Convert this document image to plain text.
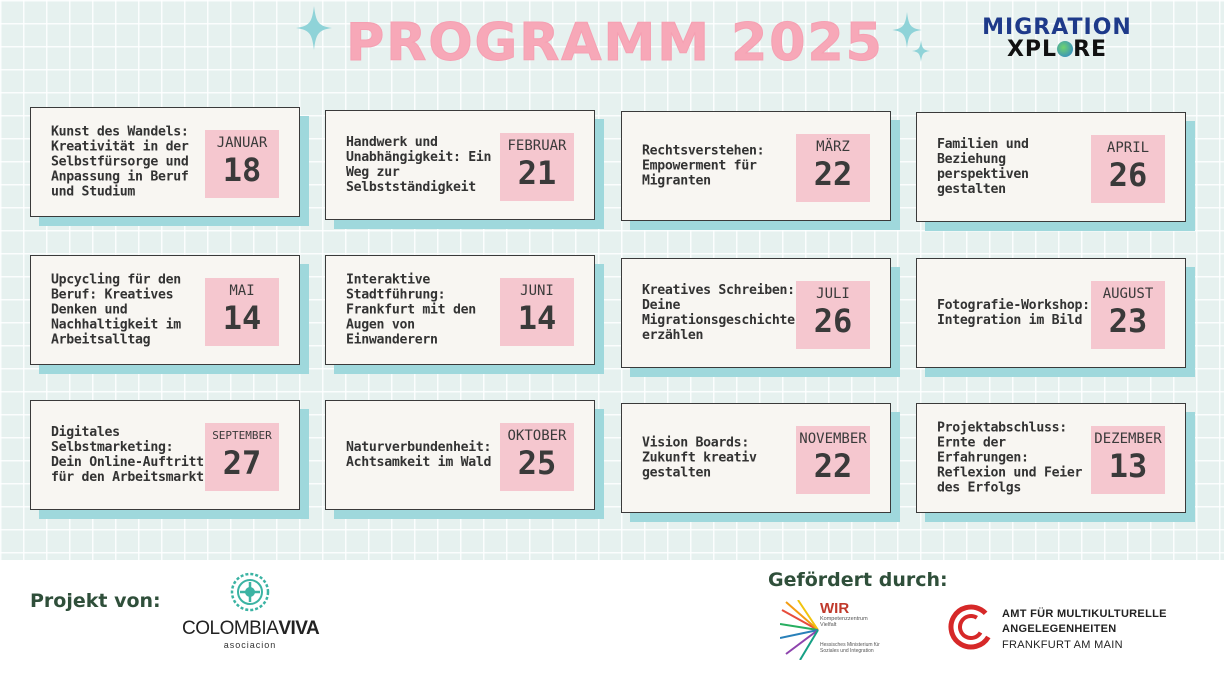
PROGRAMM 2025	MIGRATION
XPL RE
Kunst des Wandels: Kreativität in der Selbstfürsorge und Anpassung in Beruf und Studium
JANUAR
18
Handwerk und Unabhängigkeit: Ein Weg zur Selbstständigkeit
FEBRUAR
21
Rechtsverstehen: Empowerment für Migranten
MÄRZ
22
Familien und Beziehung perspektiven gestalten
APRIL
26
Upcycling für den Beruf: Kreatives Denken und Nachhaltigkeit im Arbeitsalltag
MAI
14
Interaktive Stadtführung: Frankfurt mit den Augen von Einwanderern
JUNI
14
Kreatives Schreiben: Deine Migrationsgeschichte erzählen
JULI
26	Fotografie-Workshop: Integration im Bild
AUGUST
23
Digitales Selbstmarketing: Dein Online-Auftritt für den Arbeitsmarkt
SEPTEMBER
27	Naturverbundenheit: Achtsamkeit im Wald
OKTOBER
25
Vision Boards: Zukunft kreativ gestalten
NOVEMBER
22
Projektabschluss: Ernte der Erfahrungen: Reflexion und Feier des Erfolgs
DEZEMBER
13
Projekt von:
COLOMBIAVIVA
asociacion
Gefördert durch:
WIR
Kompetenzzentrum Vielfalt
Hessisches Ministerium für Soziales und Integration
AMT FÜR MULTIKULTURELLE
ANGELEGENHEITEN
FRANKFURT AM MAIN
